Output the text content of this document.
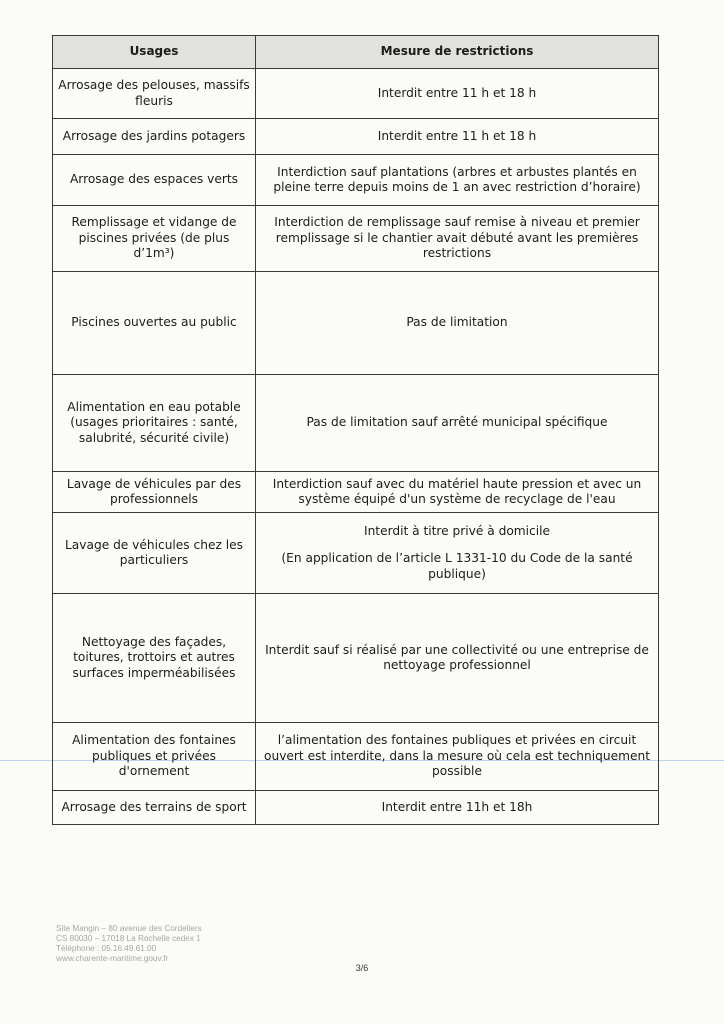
Usages	Mesure de restrictions
Arrosage des pelouses, massifs fleuris	Interdit entre 11 h et 18 h
Arrosage des jardins potagers	Interdit entre 11 h et 18 h
Arrosage des espaces verts	Interdiction sauf plantations (arbres et arbustes plantés en pleine terre depuis moins de 1 an avec restriction d’horaire)
Remplissage et vidange de piscines privées (de plus d’1m³)	Interdiction de remplissage sauf remise à niveau et premier remplissage si le chantier avait débuté avant les premières restrictions
Piscines ouvertes au public	Pas de limitation
Alimentation en eau potable (usages prioritaires : santé, salubrité, sécurité civile)	Pas de limitation sauf arrêté municipal spécifique
Lavage de véhicules par des professionnels	Interdiction sauf avec du matériel haute pression et avec un système équipé d'un système de recyclage de l'eau
Lavage de véhicules chez les particuliers	Interdit à titre privé à domicile
(En application de l’article L 1331-10 du Code de la santé publique)
Nettoyage des façades, toitures, trottoirs et autres surfaces imperméabilisées	Interdit sauf si réalisé par une collectivité ou une entreprise de nettoyage professionnel
Alimentation des fontaines publiques et privées d'ornement	l’alimentation des fontaines publiques et privées en circuit ouvert est interdite, dans la mesure où cela est techniquement possible
Arrosage des terrains de sport	Interdit entre 11h et 18h
Site Mangin – 80 avenue des Cordeliers
CS 80030 – 17018 La Rochelle cedex 1
Téléphone : 05.16.49.61.00
www.charente-maritime.gouv.fr
3/6
